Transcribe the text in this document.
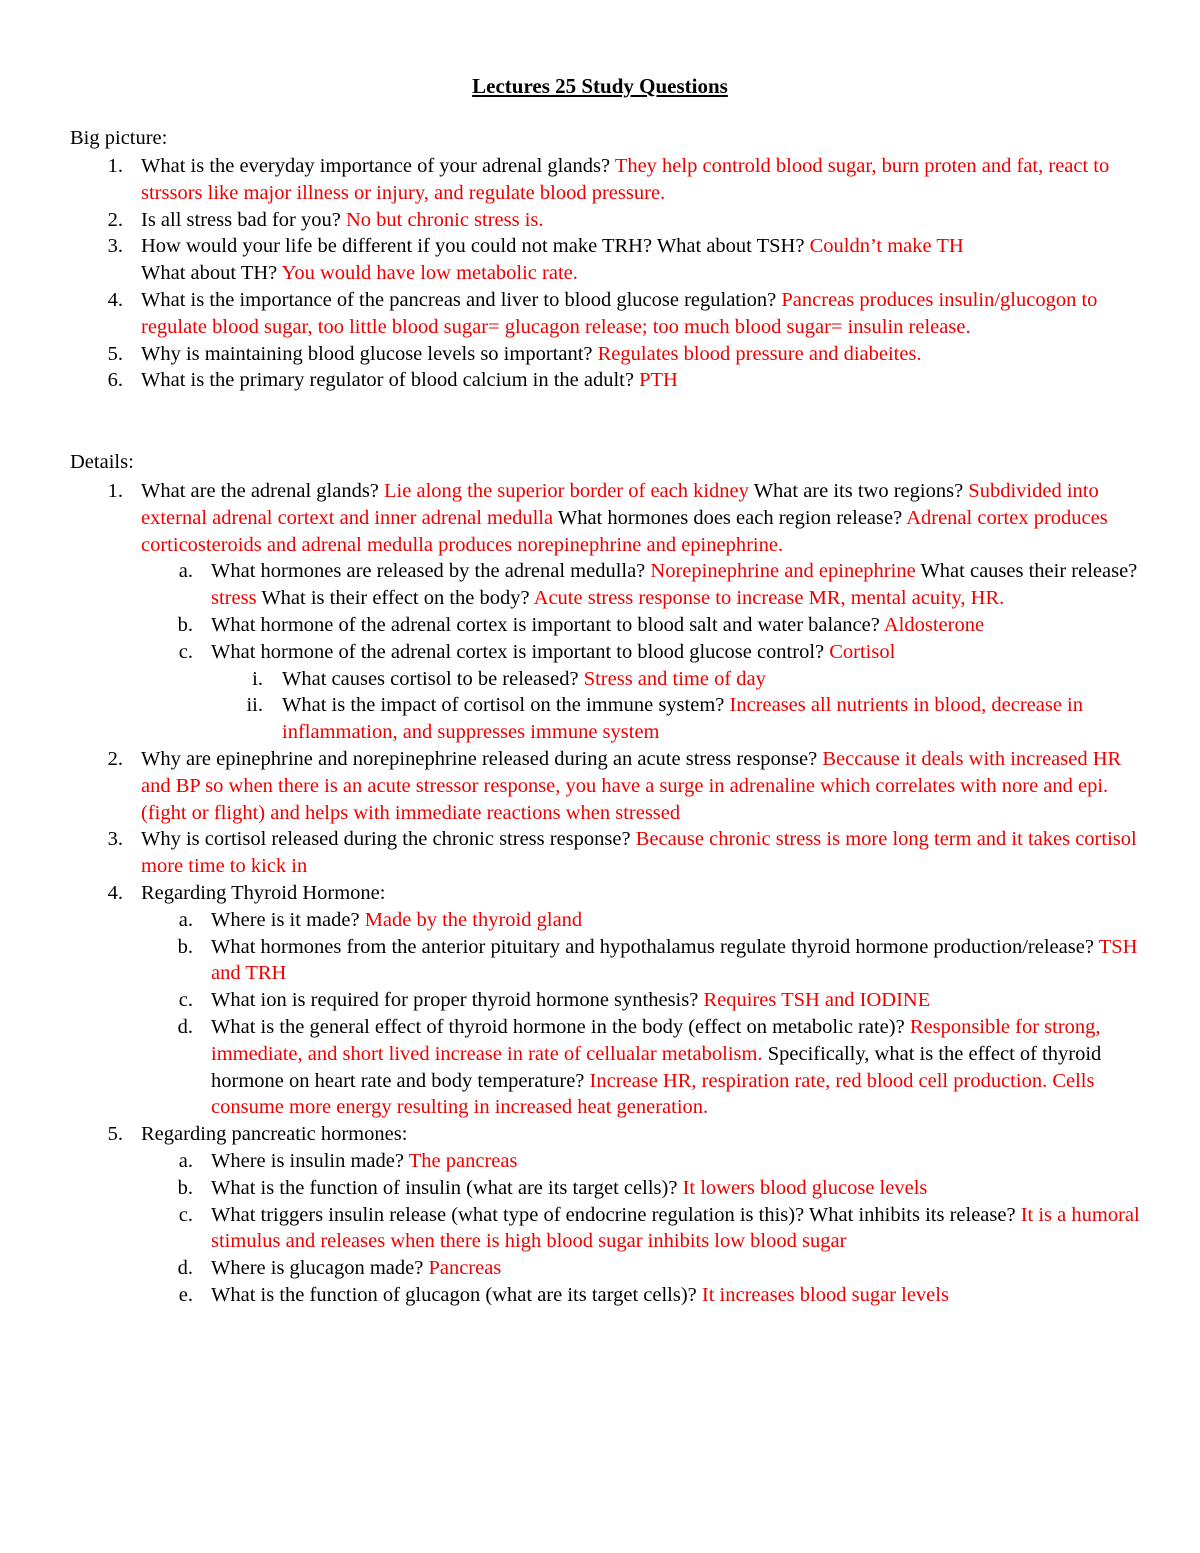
Lectures 25 Study Questions
Big picture:
1. What is the everyday importance of your adrenal glands? They help controld blood sugar, burn proten and fat, react to strssors like major illness or injury, and regulate blood pressure.
2. Is all stress bad for you? No but chronic stress is.
3. How would your life be different if you could not make TRH? What about TSH? Couldn’t make TH
What about TH? You would have low metabolic rate.
4. What is the importance of the pancreas and liver to blood glucose regulation? Pancreas produces insulin/glucogon to regulate blood sugar, too little blood sugar= glucagon release; too much blood sugar= insulin release.
5. Why is maintaining blood glucose levels so important? Regulates blood pressure and diabeites.
6. What is the primary regulator of blood calcium in the adult? PTH
Details:
1. What are the adrenal glands? Lie along the superior border of each kidney What are its two regions? Subdivided into external adrenal cortext and inner adrenal medulla What hormones does each region release? Adrenal cortex produces corticosteroids and adrenal medulla produces norepinephrine and epinephrine.
a. What hormones are released by the adrenal medulla? Norepinephrine and epinephrine What causes their release? stress What is their effect on the body? Acute stress response to increase MR, mental acuity, HR.
b. What hormone of the adrenal cortex is important to blood salt and water balance? Aldosterone
c. What hormone of the adrenal cortex is important to blood glucose control? Cortisol
i. What causes cortisol to be released? Stress and time of day
ii. What is the impact of cortisol on the immune system? Increases all nutrients in blood, decrease in inflammation, and suppresses immune system
2. Why are epinephrine and norepinephrine released during an acute stress response? Beccause it deals with increased HR and BP so when there is an acute stressor response, you have a surge in adrenaline which correlates with nore and epi. (fight or flight) and helps with immediate reactions when stressed
3. Why is cortisol released during the chronic stress response? Because chronic stress is more long term and it takes cortisol more time to kick in
4. Regarding Thyroid Hormone:
a. Where is it made? Made by the thyroid gland
b. What hormones from the anterior pituitary and hypothalamus regulate thyroid hormone production/release? TSH and TRH
c. What ion is required for proper thyroid hormone synthesis? Requires TSH and IODINE
d. What is the general effect of thyroid hormone in the body (effect on metabolic rate)? Responsible for strong, immediate, and short lived increase in rate of cellualar metabolism. Specifically, what is the effect of thyroid hormone on heart rate and body temperature? Increase HR, respiration rate, red blood cell production. Cells consume more energy resulting in increased heat generation.
5. Regarding pancreatic hormones:
a. Where is insulin made? The pancreas
b. What is the function of insulin (what are its target cells)? It lowers blood glucose levels
c. What triggers insulin release (what type of endocrine regulation is this)? What inhibits its release? It is a humoral stimulus and releases when there is high blood sugar inhibits low blood sugar
d. Where is glucagon made? Pancreas
e. What is the function of glucagon (what are its target cells)? It increases blood sugar levels
